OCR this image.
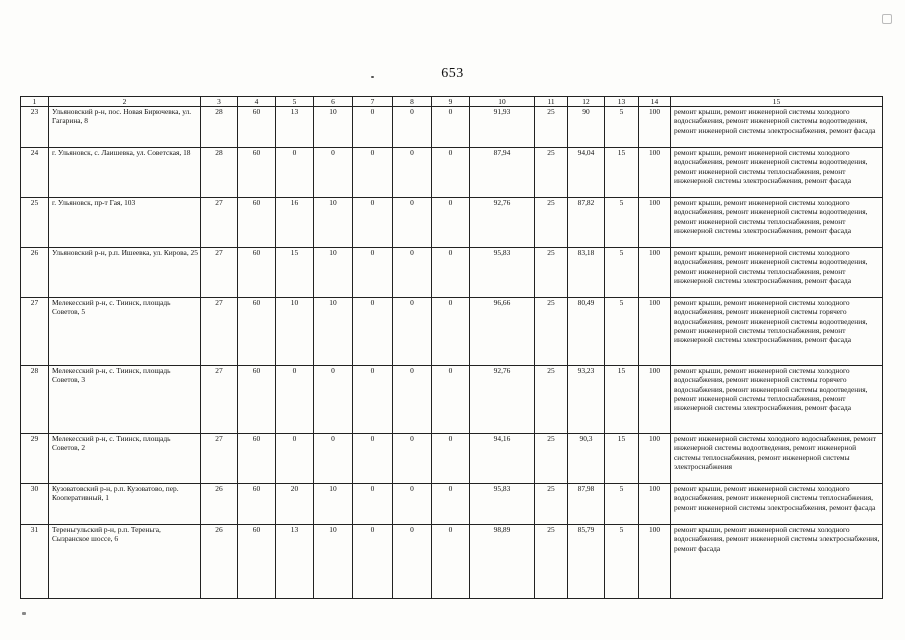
653
1	2	3	4	5	6	7	8	9	10	11	12	13	14	15
23	Ульяновский р-н, пос. Новая Бирючевка, ул. Гагарина, 8	28	60	13	10	0	0	0	91,93	25	90	5	100	ремонт крыши, ремонт инженерной системы холодного водоснабжения, ремонт инженерной системы водоотведения, ремонт инженерной системы электроснабжения, ремонт фасада
24	г. Ульяновск, с. Лаишевка, ул. Советская, 18	28	60	0	0	0	0	0	87,94	25	94,04	15	100	ремонт крыши, ремонт инженерной системы холодного водоснабжения, ремонт инженерной системы водоотведения, ремонт инженерной системы теплоснабжения, ремонт инженерной системы электроснабжения, ремонт фасада
25	г. Ульяновск, пр-т Гая, 103	27	60	16	10	0	0	0	92,76	25	87,82	5	100	ремонт крыши, ремонт инженерной системы холодного водоснабжения, ремонт инженерной системы водоотведения, ремонт инженерной системы теплоснабжения, ремонт инженерной системы электроснабжения, ремонт фасада
26	Ульяновский р-н, р.п. Ишеевка, ул. Кирова, 25	27	60	15	10	0	0	0	95,83	25	83,18	5	100	ремонт крыши, ремонт инженерной системы холодного водоснабжения, ремонт инженерной системы водоотведения, ремонт инженерной системы теплоснабжения, ремонт инженерной системы электроснабжения, ремонт фасада
27	Мелекесский р-н, с. Тиинск, площадь Советов, 5	27	60	10	10	0	0	0	96,66	25	80,49	5	100	ремонт крыши, ремонт инженерной системы холодного водоснабжения, ремонт инженерной системы горячего водоснабжения, ремонт инженерной системы водоотведения, ремонт инженерной системы теплоснабжения, ремонт инженерной системы электроснабжения, ремонт фасада
28	Мелекесский р-н, с. Тиинск, площадь Советов, 3	27	60	0	0	0	0	0	92,76	25	93,23	15	100	ремонт крыши, ремонт инженерной системы холодного водоснабжения, ремонт инженерной системы горячего водоснабжения, ремонт инженерной системы водоотведения, ремонт инженерной системы теплоснабжения, ремонт инженерной системы электроснабжения, ремонт фасада
29	Мелекесский р-н, с. Тиинск, площадь Советов, 2	27	60	0	0	0	0	0	94,16	25	90,3	15	100	ремонт инженерной системы холодного водоснабжения, ремонт инженерной системы водоотведения, ремонт инженерной системы теплоснабжения, ремонт инженерной системы электроснабжения
30	Кузоватовский р-н, р.п. Кузоватово, пер. Кооперативный, 1	26	60	20	10	0	0	0	95,83	25	87,98	5	100	ремонт крыши, ремонт инженерной системы холодного водоснабжения, ремонт инженерной системы теплоснабжения, ремонт инженерной системы электроснабжения, ремонт фасада
31	Тереньгульский р-н, р.п. Тереньга, Сызранское шоссе, 6	26	60	13	10	0	0	0	98,89	25	85,79	5	100	ремонт крыши, ремонт инженерной системы холодного водоснабжения, ремонт инженерной системы электроснабжения, ремонт фасада
